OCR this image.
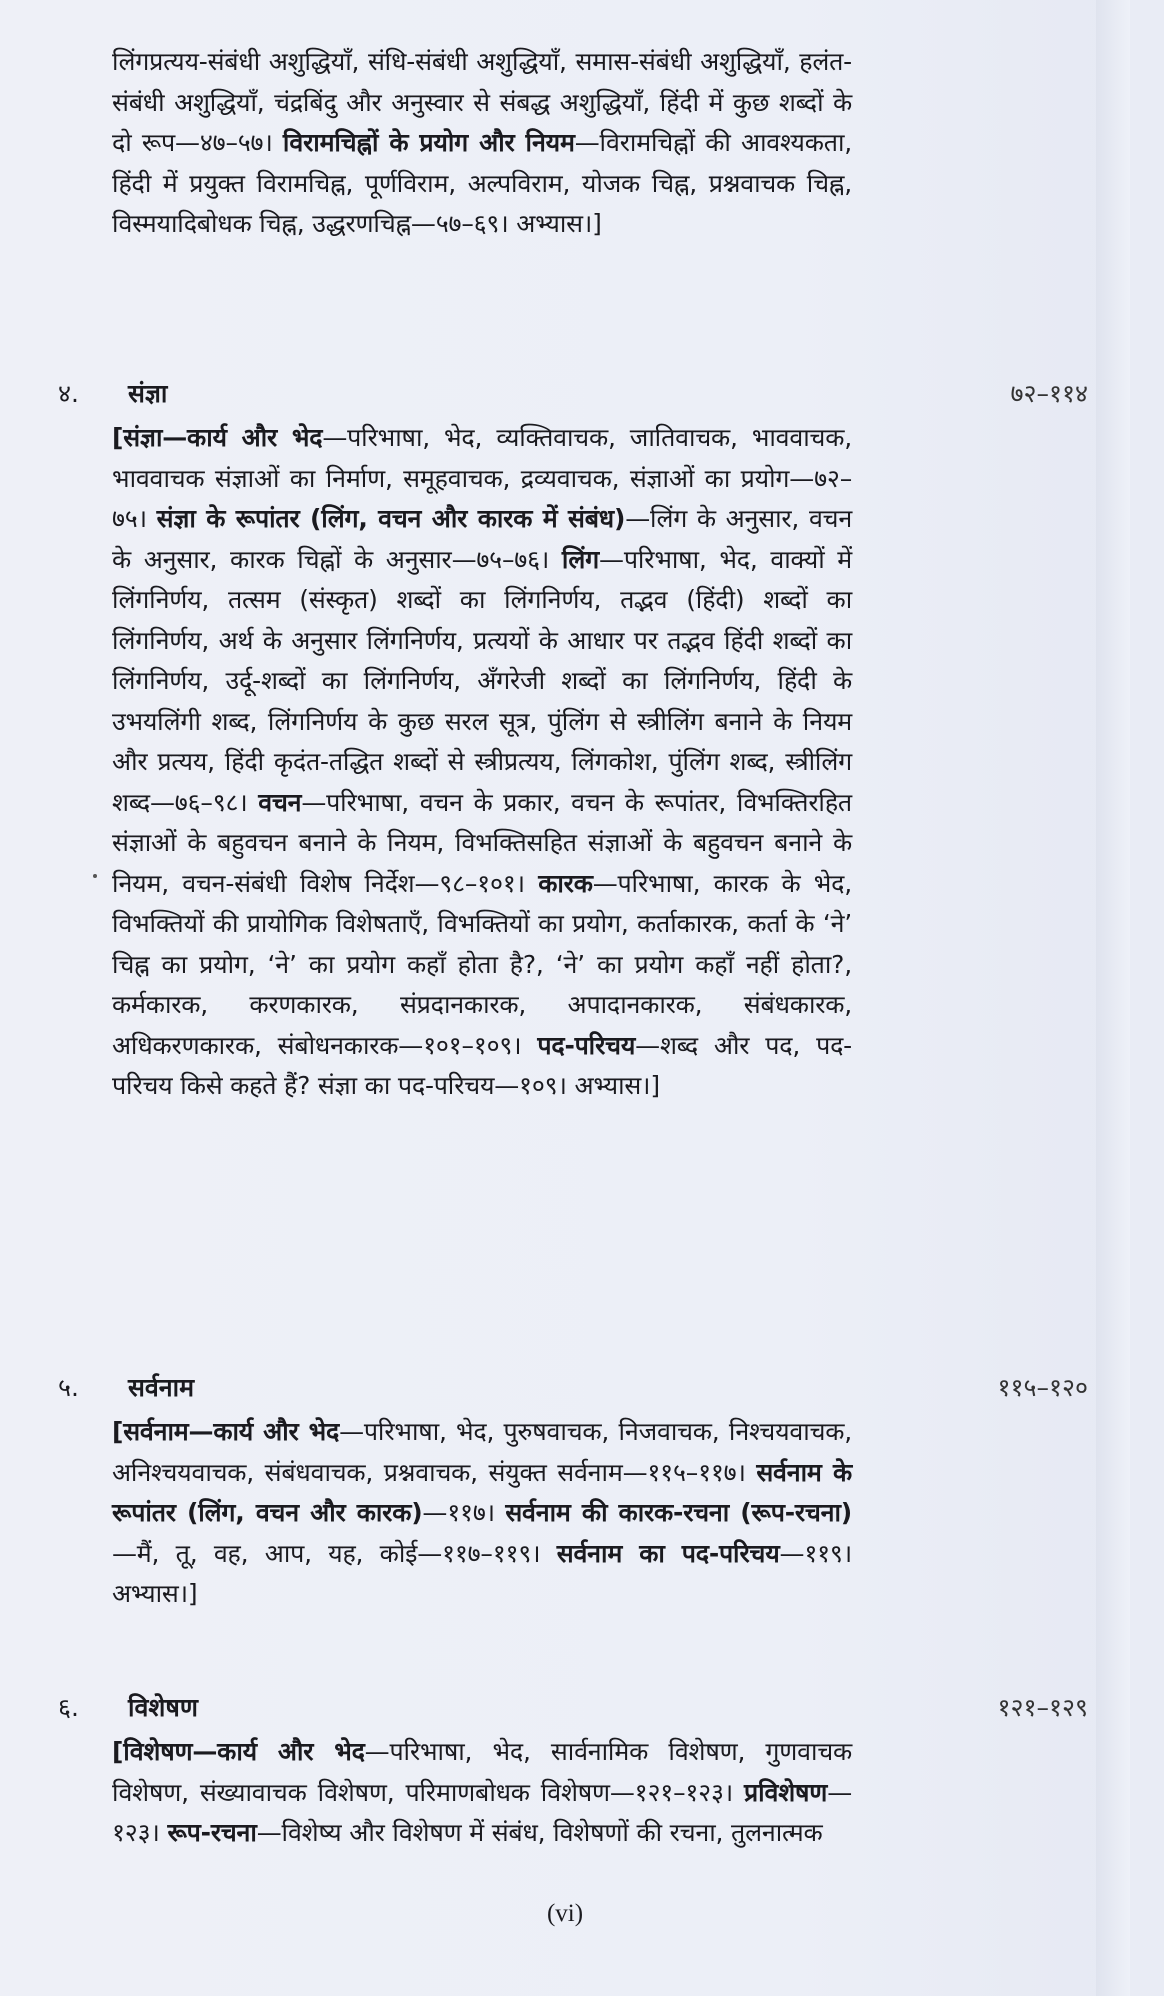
लिंगप्रत्यय-संबंधी अशुद्धियाँ, संधि-संबंधी अशुद्धियाँ, समास-संबंधी अशुद्धियाँ, हलंत-संबंधी अशुद्धियाँ, चंद्रबिंदु और अनुस्वार से संबद्ध अशुद्धियाँ, हिंदी में कुछ शब्दों के दो रूप—४७–५७। विरामचिह्नों के प्रयोग और नियम—विरामचिह्नों की आवश्यकता, हिंदी में प्रयुक्त विरामचिह्न, पूर्णविराम, अल्पविराम, योजक चिह्न, प्रश्नवाचक चिह्न, विस्मयादिबोधक चिह्न, उद्धरणचिह्न—५७–६९। अभ्यास।]
४. संज्ञा	७२–११४
[संज्ञा—कार्य और भेद—परिभाषा, भेद, व्यक्तिवाचक, जातिवाचक, भाववाचक, भाववाचक संज्ञाओं का निर्माण, समूहवाचक, द्रव्यवाचक, संज्ञाओं का प्रयोग—७२–७५। संज्ञा के रूपांतर (लिंग, वचन और कारक में संबंध)—लिंग के अनुसार, वचन के अनुसार, कारक चिह्नों के अनुसार—७५–७६। लिंग—परिभाषा, भेद, वाक्यों में लिंगनिर्णय, तत्सम (संस्कृत) शब्दों का लिंगनिर्णय, तद्भव (हिंदी) शब्दों का लिंगनिर्णय, अर्थ के अनुसार लिंगनिर्णय, प्रत्ययों के आधार पर तद्भव हिंदी शब्दों का लिंगनिर्णय, उर्दू-शब्दों का लिंगनिर्णय, अँगरेजी शब्दों का लिंगनिर्णय, हिंदी के उभयलिंगी शब्द, लिंगनिर्णय के कुछ सरल सूत्र, पुंलिंग से स्त्रीलिंग बनाने के नियम और प्रत्यय, हिंदी कृदंत-तद्धित शब्दों से स्त्रीप्रत्यय, लिंगकोश, पुंलिंग शब्द, स्त्रीलिंग शब्द—७६–९८। वचन—परिभाषा, वचन के प्रकार, वचन के रूपांतर, विभक्तिरहित संज्ञाओं के बहुवचन बनाने के नियम, विभक्तिसहित संज्ञाओं के बहुवचन बनाने के नियम, वचन-संबंधी विशेष निर्देश—९८–१०१। कारक—परिभाषा, कारक के भेद, विभक्तियों की प्रायोगिक विशेषताएँ, विभक्तियों का प्रयोग, कर्ताकारक, कर्ता के ‘ने’ चिह्न का प्रयोग, ‘ने’ का प्रयोग कहाँ होता है?, ‘ने’ का प्रयोग कहाँ नहीं होता?, कर्मकारक, करणकारक, संप्रदानकारक, अपादानकारक, संबंधकारक, अधिकरणकारक, संबोधनकारक—१०१–१०९। पद-परिचय—शब्द और पद, पद-परिचय किसे कहते हैं? संज्ञा का पद-परिचय—१०९। अभ्यास।]
५. सर्वनाम	११५–१२०
[सर्वनाम—कार्य और भेद—परिभाषा, भेद, पुरुषवाचक, निजवाचक, निश्चयवाचक, अनिश्चयवाचक, संबंधवाचक, प्रश्नवाचक, संयुक्त सर्वनाम—११५–११७। सर्वनाम के रूपांतर (लिंग, वचन और कारक)—११७। सर्वनाम की कारक-रचना (रूप-रचना)—मैं, तू, वह, आप, यह, कोई—११७–११९। सर्वनाम का पद-परिचय—११९। अभ्यास।]
६. विशेषण	१२१–१२९
[विशेषण—कार्य और भेद—परिभाषा, भेद, सार्वनामिक विशेषण, गुणवाचक विशेषण, संख्यावाचक विशेषण, परिमाणबोधक विशेषण—१२१–१२३। प्रविशेषण—१२३। रूप-रचना—विशेष्य और विशेषण में संबंध, विशेषणों की रचना, तुलनात्मक
(vi)
